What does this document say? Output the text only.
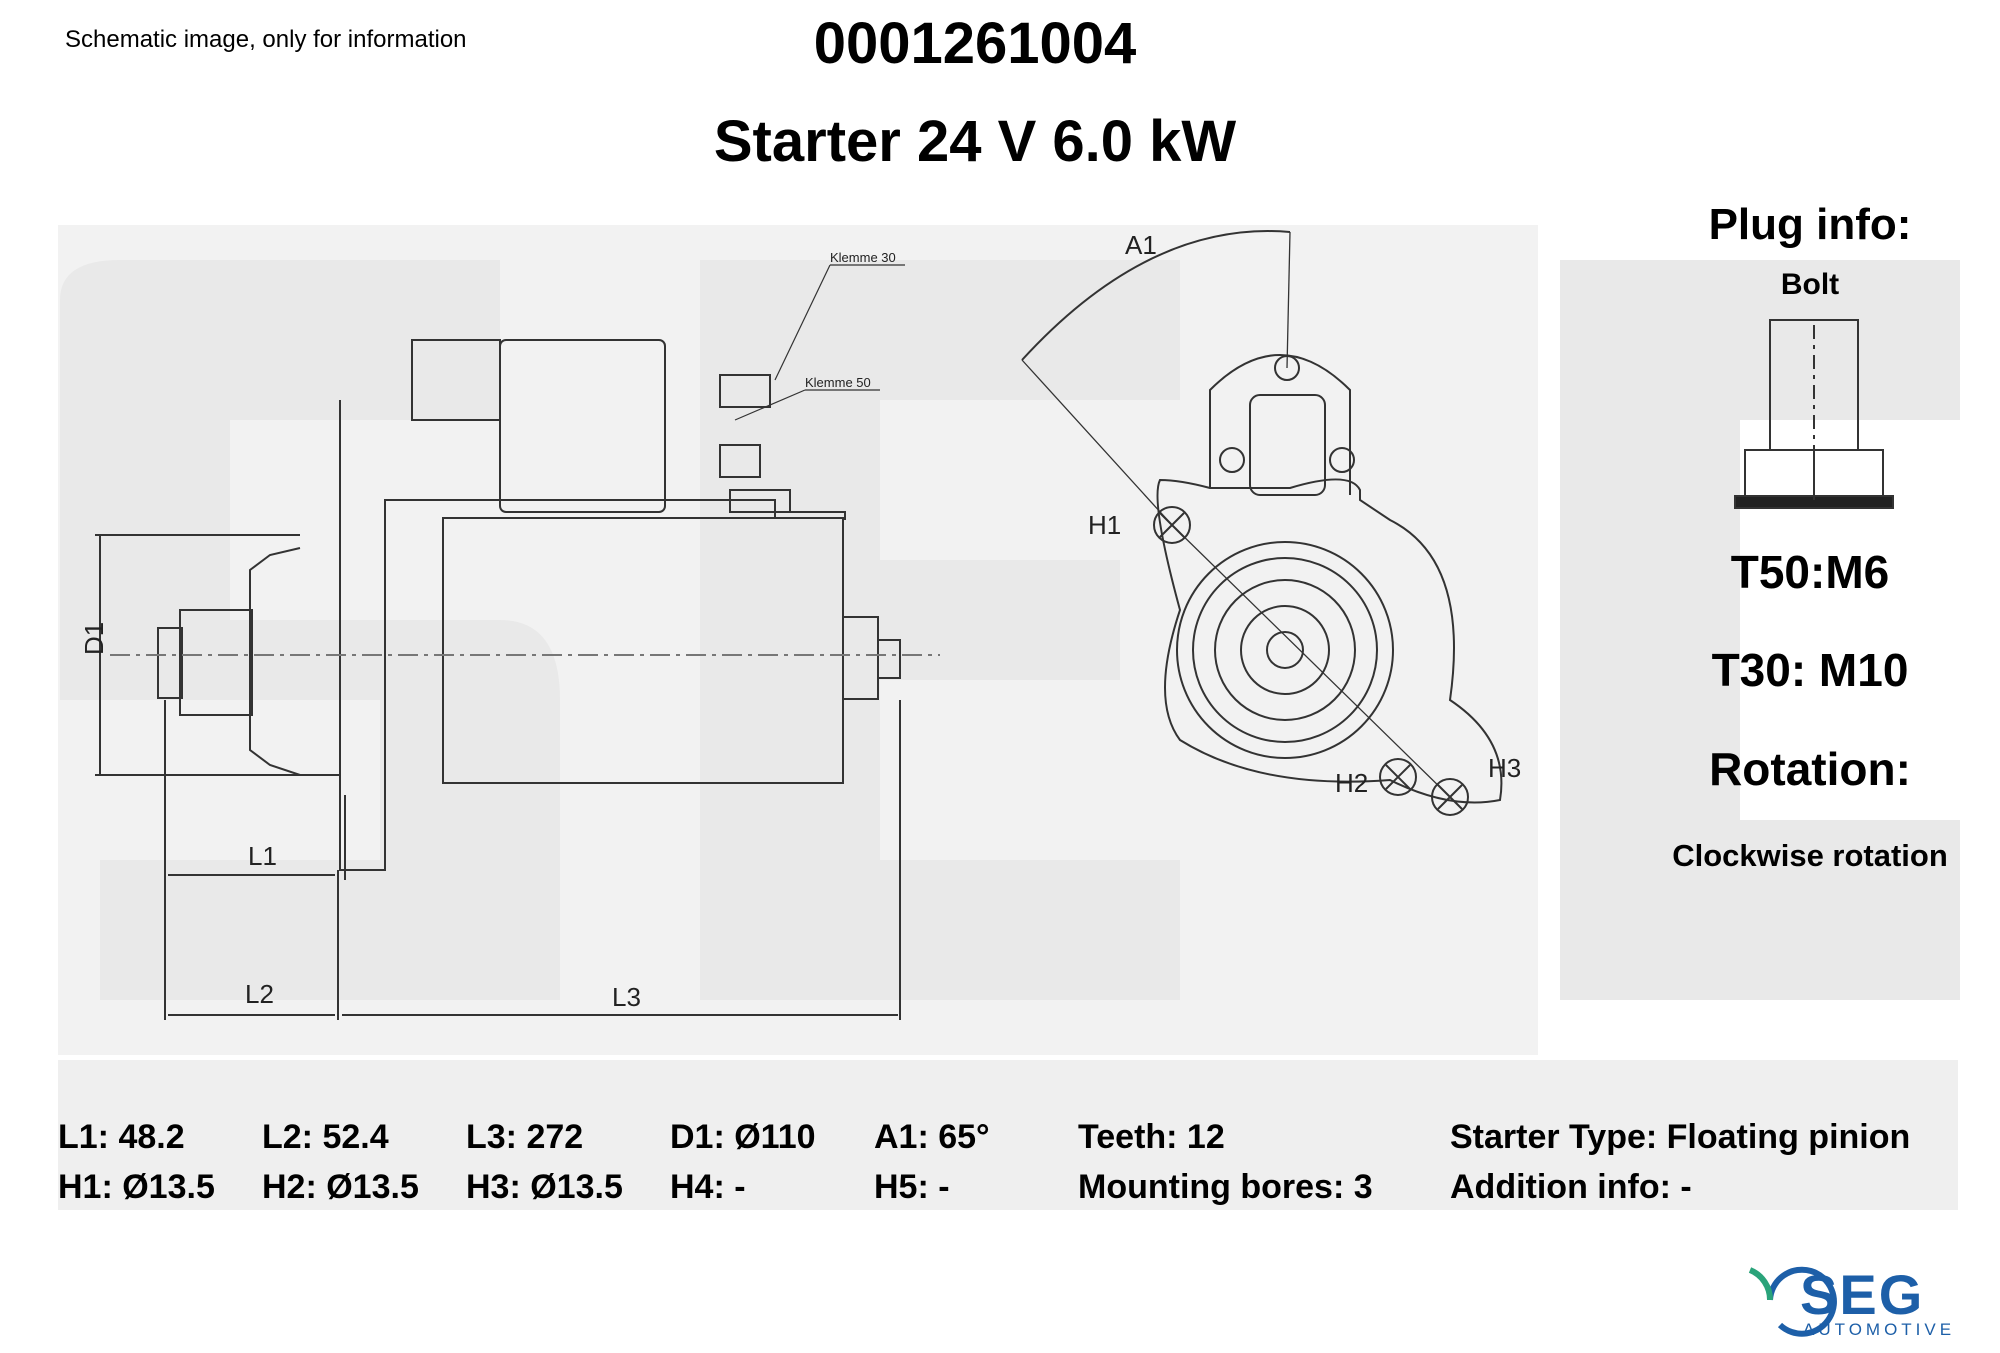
Schematic image, only for information	0001261004
Starter 24 V 6.0 kW
L1
L2	L3
D1
A1
H1
H2	H3
Klemme 30
Klemme 50
Plug info:
Bolt
T50:M6
T30: M10
Rotation:
Clockwise rotation
L1: 48.2 L2: 52.4 L3: 272	D1: Ø110 A1: 65°	Teeth: 12	Starter Type: Floating pinion
H1: Ø13.5 H2: Ø13.5 H3: Ø13.5 H4: -	H5: -	Mounting bores: 3 Addition info: -
SEG
AUTOMOTIVE
